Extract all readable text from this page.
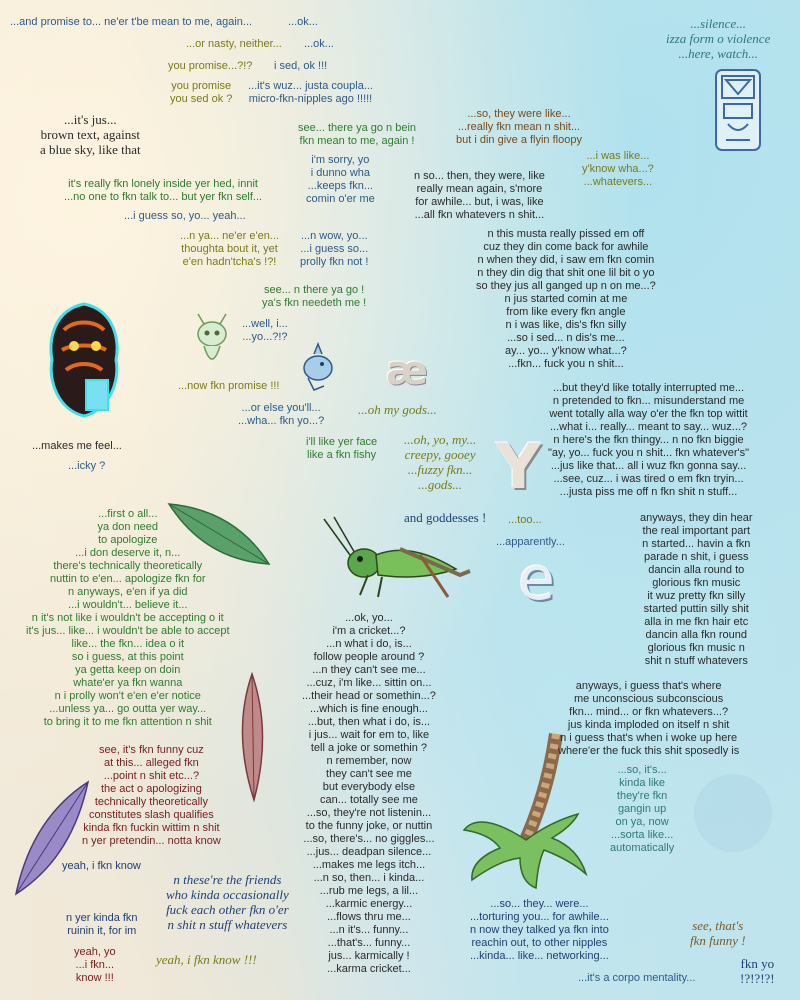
æ
Y
e
...and promise to... ne'er t'be mean to me, again...	...ok...
...or nasty, neither... ...ok...
you promise...?!? i sed, ok !!!
you promise
you sed ok ?
...it's wuz... justa coupla...
micro-fkn-nipples ago !!!!!
...it's jus...
brown text, against
a blue sky, like that
see... there ya go n bein
fkn mean to me, again !
...so, they were like...
...really fkn mean n shit...
but i din give a flyin floopy
...silence...
izza form o violence
...here, watch...
i'm sorry, yo
i dunno wha
...keeps fkn...
comin o'er me
...i was like...
y'know wha...?
...whatevers...
it's really fkn lonely inside yer hed, innit
...no one to fkn talk to... but yer fkn self...
n so... then, they were, like
really mean again, s'more
for awhile... but, i was, like
...all fkn whatevers n shit...
...i guess so, yo... yeah...
...n ya... ne'er e'en...
thoughta bout it, yet
e'en hadn'tcha's !?!
...n wow, yo...
...i guess so...
prolly fkn not !
n this musta really pissed em off
cuz they din come back for awhile
n when they did, i saw em fkn comin
n they din dig that shit one lil bit o yo
so they jus all ganged up n on me...?
n jus started comin at me
from like every fkn angle
n i was like, dis's fkn silly
...so i sed... n dis's me...
ay... yo... y'know what...?
...fkn... fuck you n shit...
see... n there ya go !
ya's fkn needeth me !
...well, i...
...yo...?!?
...now fkn promise !!!
...or else you'll...
...wha... fkn yo...?
...oh my gods...
...but they'd like totally interrupted me...
n pretended to fkn... misunderstand me
went totally alla way o'er the fkn top wittit
...what i... really... meant to say... wuz...?
n here's the fkn thingy... n no fkn biggie
"ay, yo... fuck you n shit... fkn whatever's"
...jus like that... all i wuz fkn gonna say...
...see, cuz... i was tired o em fkn tryin...
...justa piss me off n fkn shit n stuff...
...makes me feel...
...icky ?
i'll like yer face
like a fkn fishy
...oh, yo, my...
creepy, gooey
...fuzzy fkn...
...gods...
and goddesses ! ...too...
...apparently...
...first o all...
ya don need
to apologize
...i don deserve it, n...
there's technically theoretically
nuttin to e'en... apologize fkn for
n anyways, e'en if ya did
...i wouldn't... believe it...
n it's not like i wouldn't be accepting o it
it's jus... like... i wouldn't be able to accept
like... the fkn... idea o it
so i guess, at this point
ya getta keep on doin
whate'er ya fkn wanna
n i prolly won't e'en e'er notice
...unless ya... go outta yer way...
to bring it to me fkn attention n shit
anyways, they din hear
the real important part
n started... havin a fkn
parade n shit, i guess
dancin alla round to
glorious fkn music
it wuz pretty fkn silly
started puttin silly shit
alla in me fkn hair etc
dancin alla fkn round
glorious fkn music n
shit n stuff whatevers
...ok, yo...
i'm a cricket...?
...n what i do, is...
follow people around ?
...n they can't see me...
...cuz, i'm like... sittin on...
...their head or somethin...?
...which is fine enough...
...but, then what i do, is...
i jus... wait for em to, like
tell a joke or somethin ?
n remember, now
they can't see me
but everybody else
can... totally see me
...so, they're not listenin...
to the funny joke, or nuttin
...so, there's... no giggles...
...jus... deadpan silence...
...makes me legs itch...
...n so, then... i kinda...
...rub me legs, a lil...
...karmic energy...
...flows thru me...
...n it's... funny...
...that's... funny...
jus... karmically !
...karma cricket...
anyways, i guess that's where
me unconscious subconscious
fkn... mind... or fkn whatevers...?
jus kinda imploded on itself n shit
n i guess that's when i woke up here
where'er the fuck this shit sposedly is
see, it's fkn funny cuz
at this... alleged fkn
...point n shit etc...?
the act o apologizing
technically theoretically
constitutes slash qualifies
kinda fkn fuckin wittim n shit
n yer pretendin... notta know
...so, it's...
kinda like
they're fkn
gangin up
on ya, now
...sorta like...
automatically
yeah, i fkn know
n these're the friends
who kinda occasionally
fuck each other fkn o'er
n shit n stuff whatevers
n yer kinda fkn
ruinin it, for im
yeah, yo
...i fkn...
know !!!
yeah, i fkn know !!!
...so... they... were...
...torturing you... for awhile...
n now they talked ya fkn into
reachin out, to other nipples
...kinda... like... networking...
see, that's
fkn funny !
...it's a corpo mentality...
fkn yo
!?!?!?!
